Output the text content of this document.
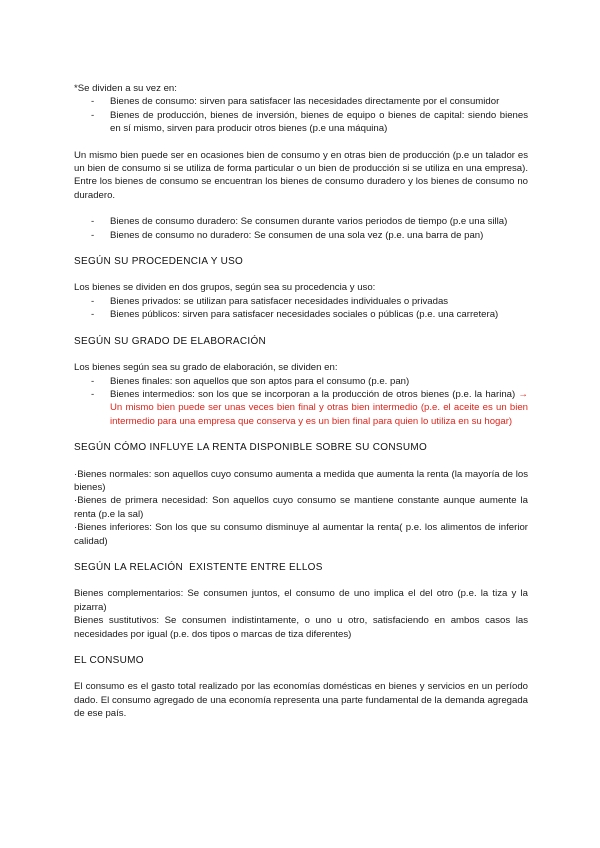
*Se dividen a su vez en:

- Bienes de consumo: sirven para satisfacer las necesidades directamente por el consumidor
- Bienes de producción, bienes de inversión, bienes de equipo o bienes de capital: siendo bienes en sí mismo, sirven para producir otros bienes (p.e una máquina)

Un mismo bien puede ser en ocasiones bien de consumo y en otras bien de producción (p.e un talador es un bien de consumo si se utiliza de forma particular o un bien de producción si se utiliza en una empresa). Entre los bienes de consumo se encuentran los bienes de consumo duradero y los bienes de consumo no duradero.

- Bienes de consumo duradero: Se consumen durante varios periodos de tiempo (p.e una silla)
- Bienes de consumo no duradero: Se consumen de una sola vez (p.e. una barra de pan)

SEGÚN SU PROCEDENCIA Y USO

Los bienes se dividen en dos grupos, según sea su procedencia y uso:

- Bienes privados: se utilizan para satisfacer necesidades individuales o privadas
- Bienes públicos: sirven para satisfacer necesidades sociales o públicas (p.e. una carretera)

SEGÚN SU GRADO DE ELABORACIÓN

Los bienes según sea su grado de elaboración, se dividen en:

- Bienes finales: son aquellos que son aptos para el consumo (p.e. pan)
- Bienes intermedios: son los que se incorporan a la producción de otros bienes (p.e. la harina) → Un mismo bien puede ser unas veces bien final y otras bien intermedio (p.e. el aceite es un bien intermedio para una empresa que conserva y es un bien final para quien lo utiliza en su hogar)

SEGÚN CÓMO INFLUYE LA RENTA DISPONIBLE SOBRE SU CONSUMO

·Bienes normales: son aquellos cuyo consumo aumenta a medida que aumenta la renta (la mayoría de los bienes)

·Bienes de primera necesidad: Son aquellos cuyo consumo se mantiene constante aunque aumente la renta (p.e la sal)

·Bienes inferiores: Son los que su consumo disminuye al aumentar la renta( p.e. los alimentos de inferior calidad)

SEGÚN LA RELACIÓN  EXISTENTE ENTRE ELLOS

Bienes complementarios: Se consumen juntos, el consumo de uno implica el del otro (p.e. la tiza y la pizarra)

Bienes sustitutivos: Se consumen indistintamente, o uno u otro, satisfaciendo en ambos casos las necesidades por igual (p.e. dos tipos o marcas de tiza diferentes)

EL CONSUMO

El consumo es el gasto total realizado por las economías domésticas en bienes y servicios en un período dado. El consumo agregado de una economía representa una parte fundamental de la demanda agregada de ese país.
